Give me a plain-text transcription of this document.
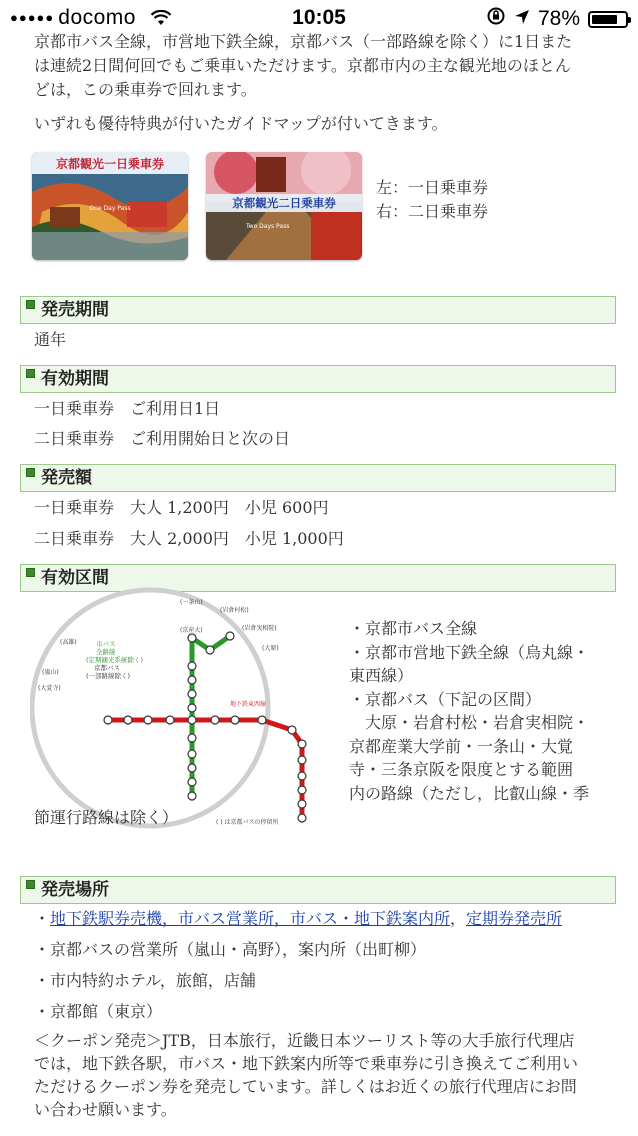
●●●●● docomo	10:05	78%

京都市バス全線，市営地下鉄全線，京都バス（一部路線を除く）に1日また
は連続2日間何回でもご乗車いただけます。京都市内の主な観光地のほとん
どは，この乗車券で回れます。

いずれも優待特典が付いたガイドマップが付いてきます。

京都観光一日乗車券
One Day Pass	京都観光二日乗車券
Two Days Pass
左：一日乗車券
右：二日乗車券
発売期間
通年
有効期間
一日乗車券　ご利用日1日
二日乗車券　ご利用開始日と次の日
発売額
一日乗車券　大人 1,200円　小児 600円
二日乗車券　大人 2,000円　小児 1,000円
有効区間
(一条山)
(岩倉村松)
(岩倉実相院)
(大原)
(高雄)
(嵐山)
(大覚寺)
地下鉄東西線
(京産大)
( ) は京都バスの停留所
市バス
全路線
(定期観光系統除く)
京都バス
(一部路線除く)
・京都市バス全線
・京都市営地下鉄全線（烏丸線・
東西線）
・京都バス（下記の区間）
　大原・岩倉村松・岩倉実相院・
京都産業大学前・一条山・大覚
寺・三条京阪を限度とする範囲
内の路線（ただし，比叡山線・季
節運行路線は除く）
発売場所
・地下鉄駅券売機，市バス営業所，市バス・地下鉄案内所，定期券発売所
・京都バスの営業所（嵐山・高野），案内所（出町柳）
・市内特約ホテル，旅館，店舗
・京都館（東京）
＜クーポン発売＞JTB，日本旅行，近畿日本ツーリスト等の大手旅行代理店
では，地下鉄各駅，市バス・地下鉄案内所等で乗車券に引き換えてご利用い
ただけるクーポン券を発売しています。詳しくはお近くの旅行代理店にお問
い合わせ願います。
